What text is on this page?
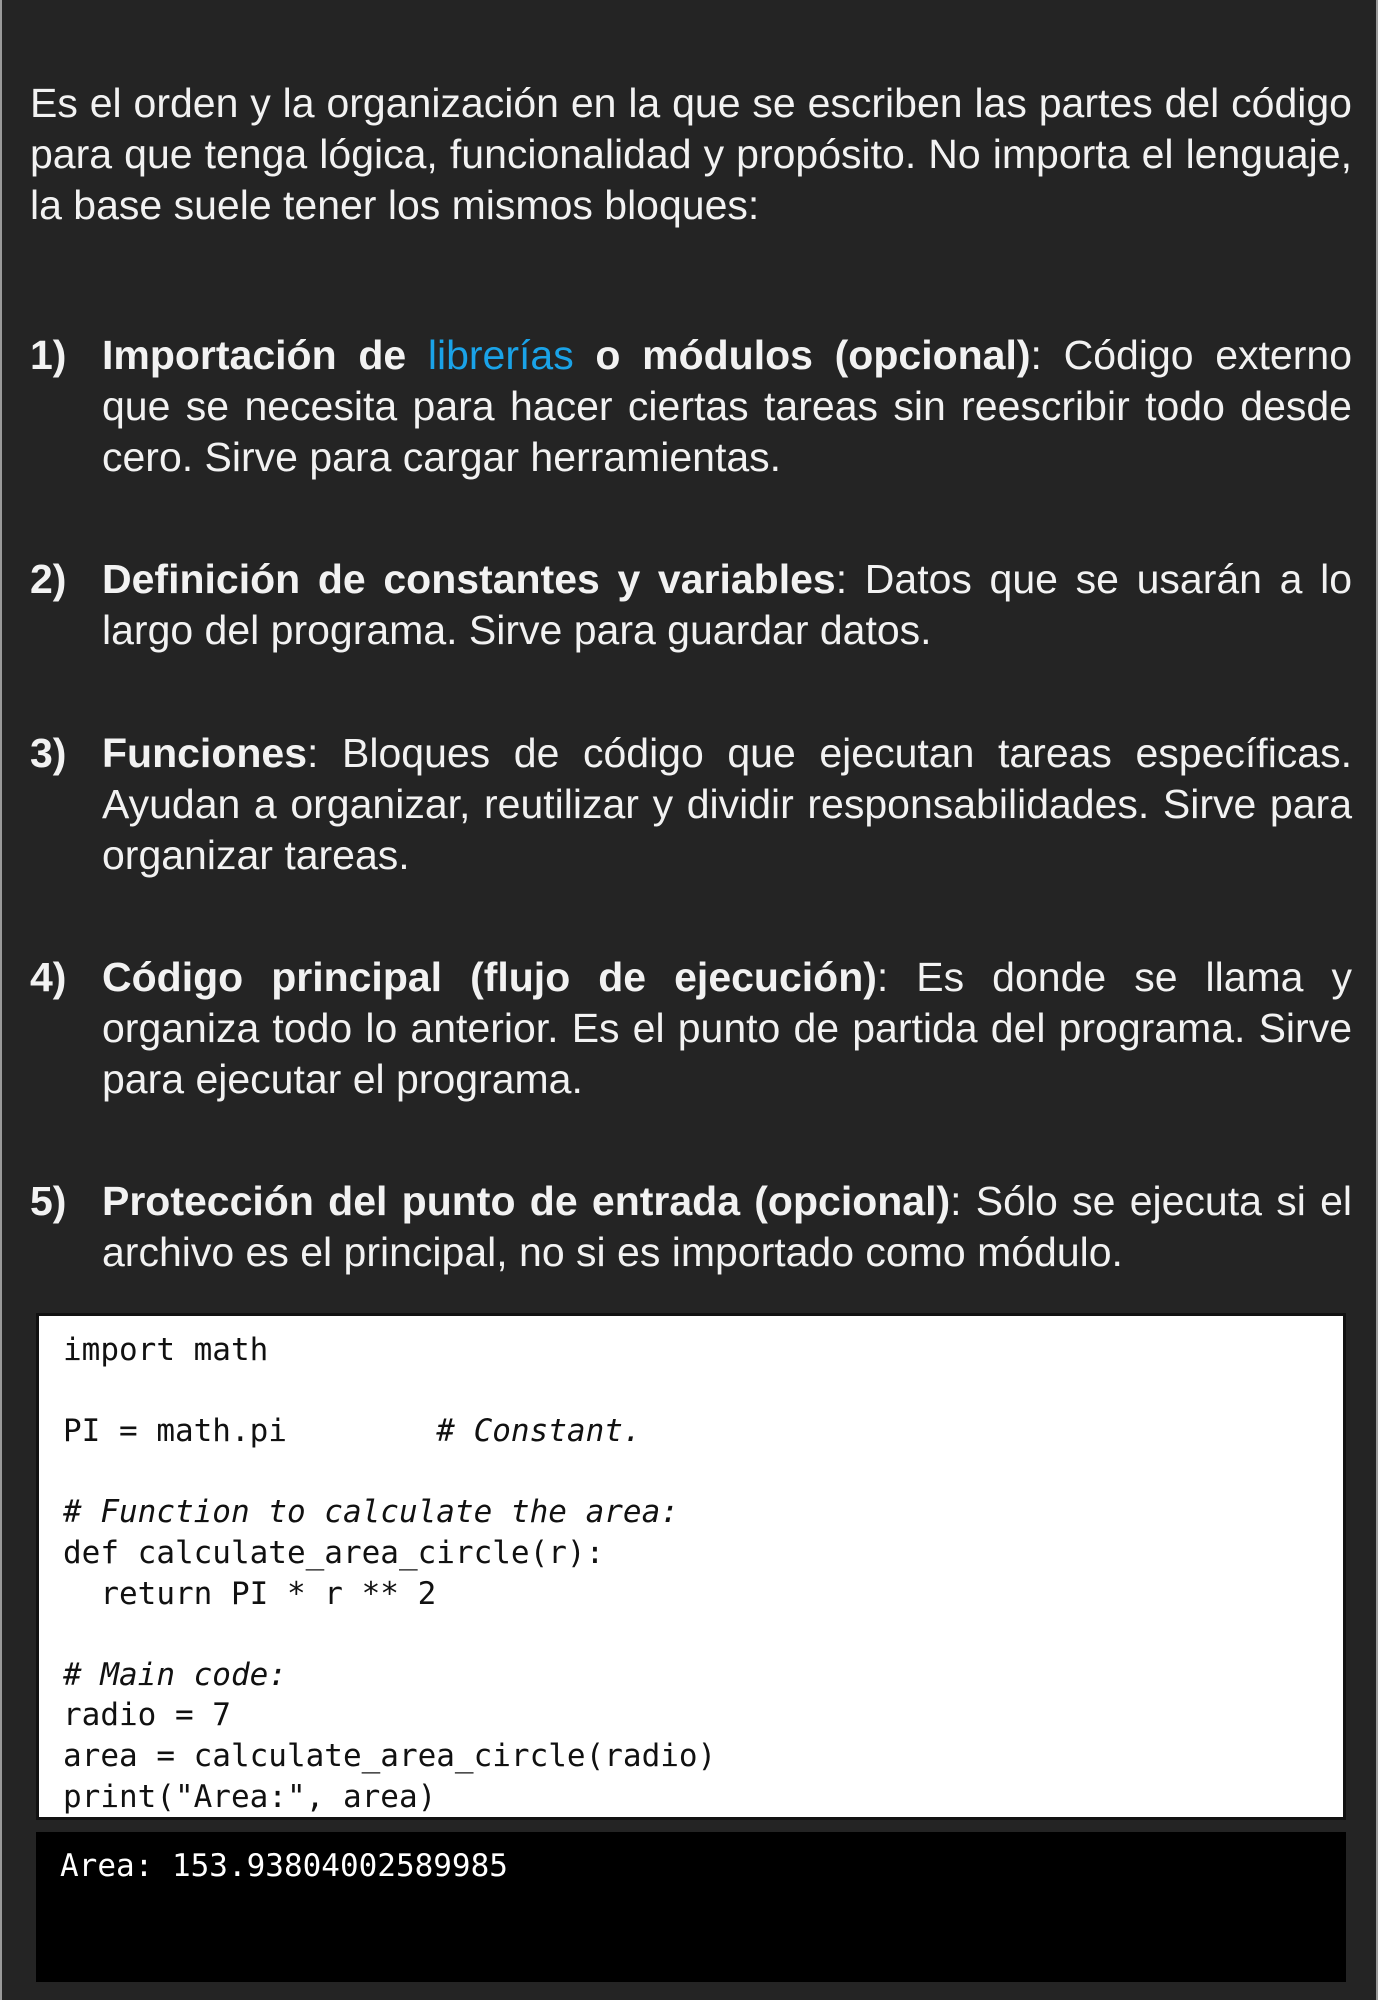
Es el orden y la organización en la que se escriben las partes del código para que tenga lógica, funcionalidad y propósito. No importa el lenguaje, la base suele tener los mismos bloques:

1) Importación de librerías o módulos (opcional): Código externo que se necesita para hacer ciertas tareas sin reescribir todo desde cero. Sirve para cargar herramientas.

2) Definición de constantes y variables: Datos que se usarán a lo largo del programa. Sirve para guardar datos.

3) Funciones: Bloques de código que ejecutan tareas específicas. Ayudan a organizar, reutilizar y dividir responsabilidades. Sirve para organizar tareas.

4) Código principal (flujo de ejecución): Es donde se llama y organiza todo lo anterior. Es el punto de partida del programa. Sirve para ejecutar el programa.

5) Protección del punto de entrada (opcional): Sólo se ejecuta si el archivo es el principal, no si es importado como módulo.

import math
PI = math.pi        # Constant.
# Function to calculate the area:
def calculate_area_circle(r):
return PI * r ** 2
# Main code:
radio = 7
area = calculate_area_circle(radio)
print("Area:", area)
Area: 153.93804002589985
